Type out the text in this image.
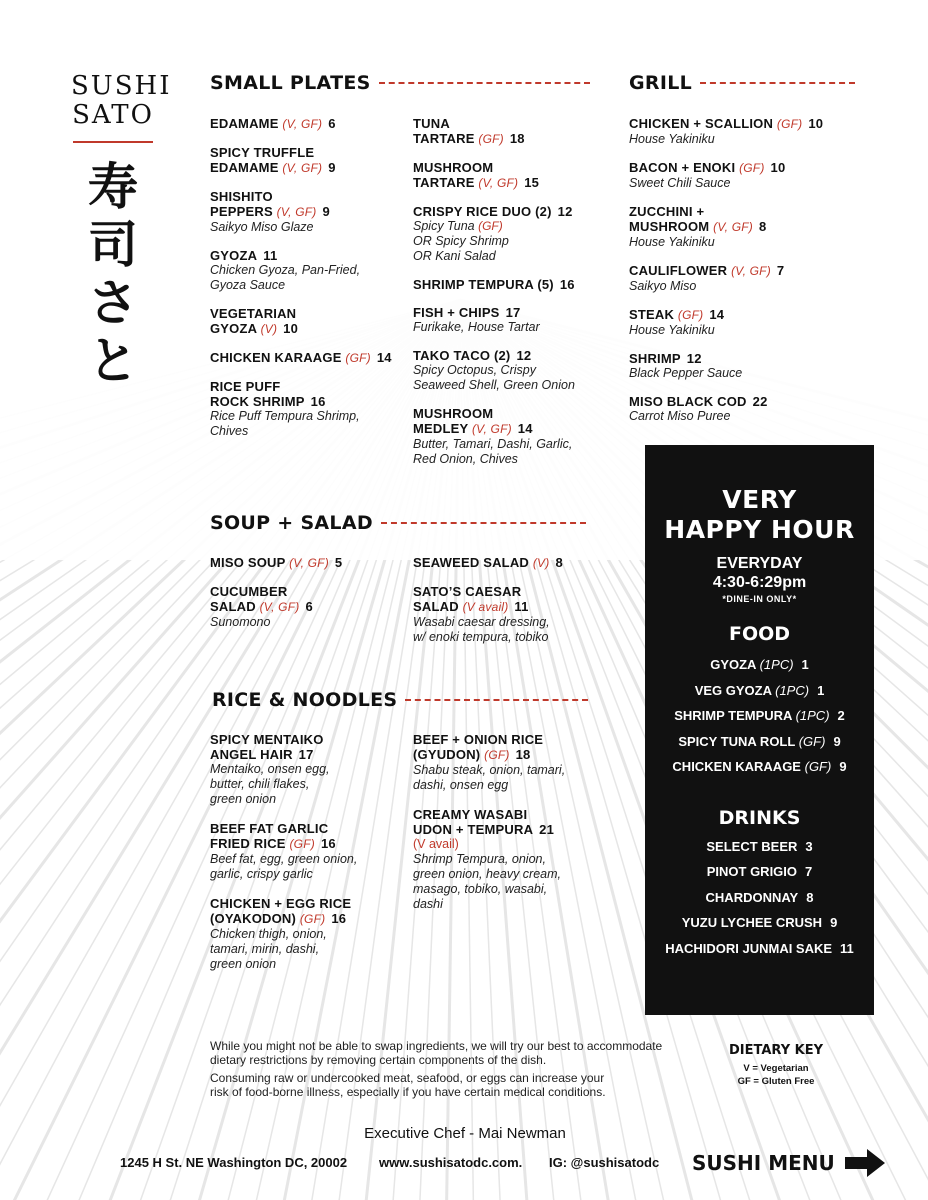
SUSHI
SATO
寿
司
さ
と
SMALL PLATES
EDAMAME (V, GF) 6
SPICY TRUFFLE
EDAMAME (V, GF) 9
SHISHITO
PEPPERS (V, GF) 9
Saikyo Miso Glaze
GYOZA 11
Chicken Gyoza, Pan-Fried,
Gyoza Sauce
VEGETARIAN
GYOZA (V) 10
CHICKEN KARAAGE (GF) 14
RICE PUFF
ROCK SHRIMP 16
Rice Puff Tempura Shrimp,
Chives
TUNA
TARTARE (GF) 18
MUSHROOM
TARTARE (V, GF) 15
CRISPY RICE DUO (2) 12
Spicy Tuna (GF)
OR Spicy Shrimp
OR Kani Salad
SHRIMP TEMPURA (5) 16
FISH + CHIPS 17
Furikake, House Tartar
TAKO TACO (2) 12
Spicy Octopus, Crispy
Seaweed Shell, Green Onion
MUSHROOM
MEDLEY (V, GF) 14
Butter, Tamari, Dashi, Garlic,
Red Onion, Chives
GRILL
CHICKEN + SCALLION (GF) 10
House Yakiniku
BACON + ENOKI (GF) 10
Sweet Chili Sauce
ZUCCHINI +
MUSHROOM (V, GF) 8
House Yakiniku
CAULIFLOWER (V, GF) 7
Saikyo Miso
STEAK (GF) 14
House Yakiniku
SHRIMP 12
Black Pepper Sauce
MISO BLACK COD 22
Carrot Miso Puree
SOUP + SALAD
MISO SOUP (V, GF) 5
CUCUMBER
SALAD (V, GF) 6
Sunomono
SEAWEED SALAD (V) 8
SATO’S CAESAR
SALAD (V avail) 11
Wasabi caesar dressing,
w/ enoki tempura, tobiko
RICE & NOODLES
SPICY MENTAIKO
ANGEL HAIR 17
Mentaiko, onsen egg,
butter, chili flakes,
green onion
BEEF FAT GARLIC
FRIED RICE (GF) 16
Beef fat, egg, green onion,
garlic, crispy garlic
CHICKEN + EGG RICE
(OYAKODON) (GF) 16
Chicken thigh, onion,
tamari, mirin, dashi,
green onion
BEEF + ONION RICE
(GYUDON) (GF) 18
Shabu steak, onion, tamari,
dashi, onsen egg
CREAMY WASABI
UDON + TEMPURA 21
(V avail)
Shrimp Tempura, onion,
green onion, heavy cream,
masago, tobiko, wasabi,
dashi
VERY
HAPPY HOUR
EVERYDAY
4:30-6:29pm
*DINE-IN ONLY*
FOOD
GYOZA (1PC) 1
VEG GYOZA (1PC) 1
SHRIMP TEMPURA (1PC) 2
SPICY TUNA ROLL (GF) 9
CHICKEN KARAAGE (GF) 9
DRINKS
SELECT BEER 3
PINOT GRIGIO 7
CHARDONNAY 8
YUZU LYCHEE CRUSH 9
HACHIDORI JUNMAI SAKE 11
While you might not be able to swap ingredients, we will try our best to accommodate
dietary restrictions by removing certain components of the dish.
Consuming raw or undercooked meat, seafood, or eggs can increase your
risk of food-borne illness, especially if you have certain medical conditions.
DIETARY KEY
V = Vegetarian
GF = Gluten Free
Executive Chef - Mai Newman
1245 H St. NE Washington DC, 20002 www.sushisatodc.com. IG: @sushisatodc SUSHI MENU
